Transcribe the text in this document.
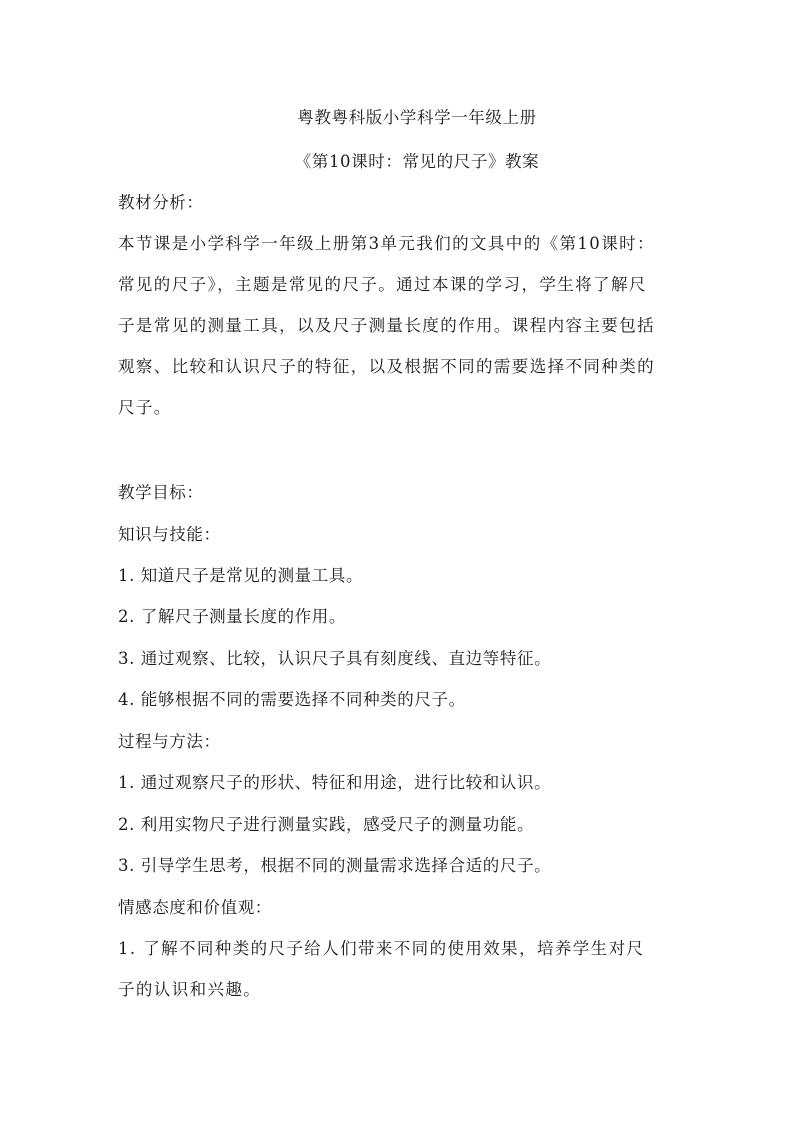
粤教粤科版小学科学一年级上册
《第10课时：常见的尺子》教案
教材分析：
本节课是小学科学一年级上册第3单元我们的文具中的《第10课时：
常见的尺子》，主题是常见的尺子。通过本课的学习，学生将了解尺
子是常见的测量工具，以及尺子测量长度的作用。课程内容主要包括
观察、比较和认识尺子的特征，以及根据不同的需要选择不同种类的
尺子。
教学目标：
知识与技能：
1. 知道尺子是常见的测量工具。
2. 了解尺子测量长度的作用。
3. 通过观察、比较，认识尺子具有刻度线、直边等特征。
4. 能够根据不同的需要选择不同种类的尺子。
过程与方法：
1. 通过观察尺子的形状、特征和用途，进行比较和认识。
2. 利用实物尺子进行测量实践，感受尺子的测量功能。
3. 引导学生思考，根据不同的测量需求选择合适的尺子。
情感态度和价值观：
1. 了解不同种类的尺子给人们带来不同的使用效果，培养学生对尺
子的认识和兴趣。
